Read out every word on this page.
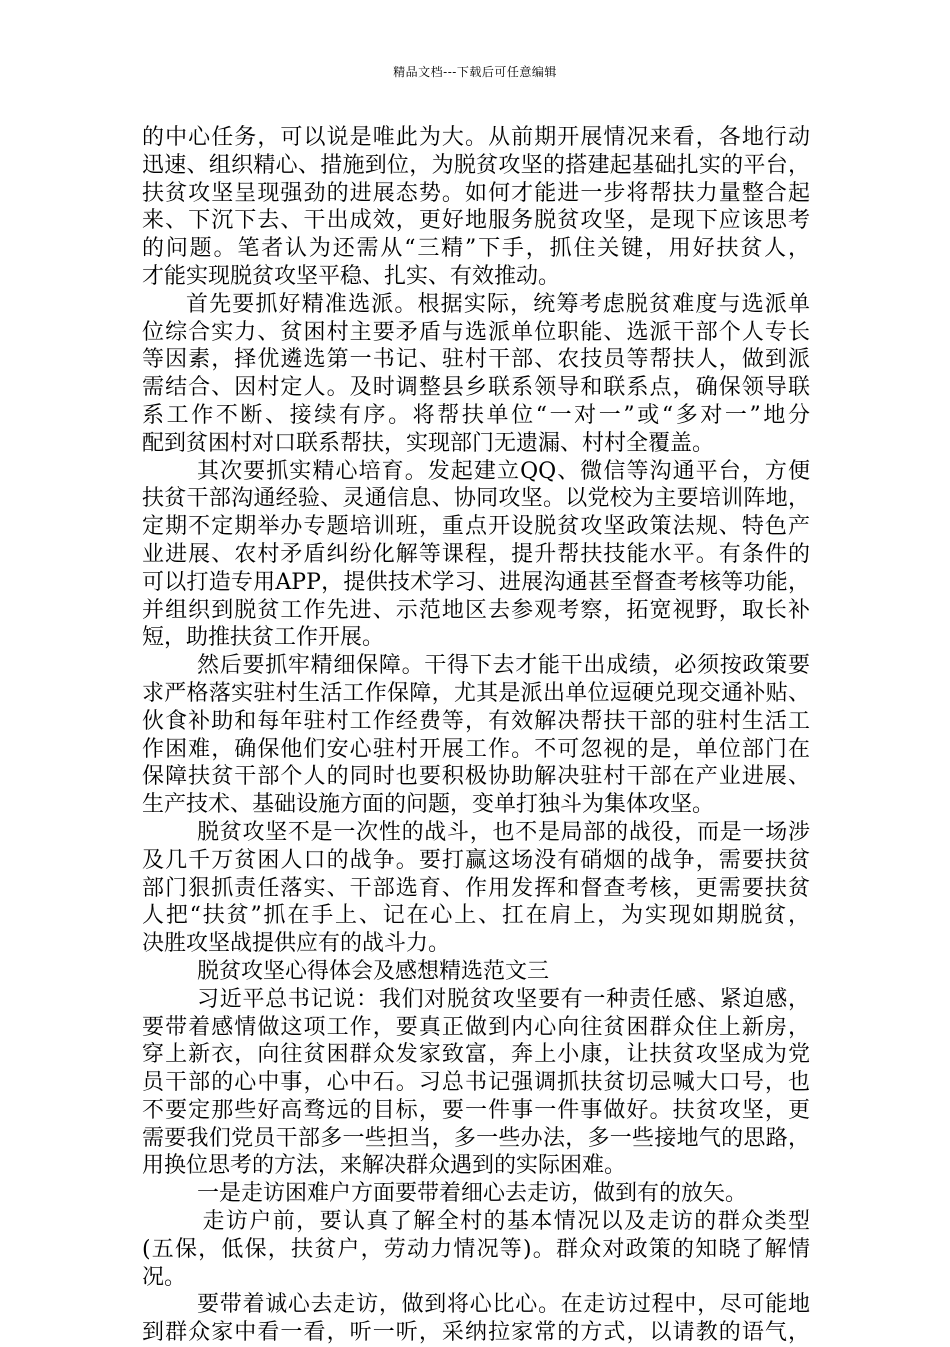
精品文档---下载后可任意编辑
的中心任务，可以说是唯此为大。从前期开展情况来看，各地行动
迅速、组织精心、措施到位，为脱贫攻坚的搭建起基础扎实的平台，
扶贫攻坚呈现强劲的进展态势。如何才能进一步将帮扶力量整合起
来、下沉下去、干出成效，更好地服务脱贫攻坚，是现下应该思考
的问题。笔者认为还需从“三精”下手，抓住关键，用好扶贫人，
才能实现脱贫攻坚平稳、扎实、有效推动。
首先要抓好精准选派。根据实际，统筹考虑脱贫难度与选派单
位综合实力、贫困村主要矛盾与选派单位职能、选派干部个人专长
等因素，择优遴选第一书记、驻村干部、农技员等帮扶人，做到派
需结合、因村定人。及时调整县乡联系领导和联系点，确保领导联
系工作不断、接续有序。将帮扶单位“一对一”或“多对一”地分
配到贫困村对口联系帮扶，实现部门无遗漏、村村全覆盖。
其次要抓实精心培育。发起建立QQ、微信等沟通平台，方便
扶贫干部沟通经验、灵通信息、协同攻坚。以党校为主要培训阵地，
定期不定期举办专题培训班，重点开设脱贫攻坚政策法规、特色产
业进展、农村矛盾纠纷化解等课程，提升帮扶技能水平。有条件的
可以打造专用APP，提供技术学习、进展沟通甚至督查考核等功能，
并组织到脱贫工作先进、示范地区去参观考察，拓宽视野，取长补
短，助推扶贫工作开展。
然后要抓牢精细保障。干得下去才能干出成绩，必须按政策要
求严格落实驻村生活工作保障，尤其是派出单位逗硬兑现交通补贴、
伙食补助和每年驻村工作经费等，有效解决帮扶干部的驻村生活工
作困难，确保他们安心驻村开展工作。不可忽视的是，单位部门在
保障扶贫干部个人的同时也要积极协助解决驻村干部在产业进展、
生产技术、基础设施方面的问题，变单打独斗为集体攻坚。
脱贫攻坚不是一次性的战斗，也不是局部的战役，而是一场涉
及几千万贫困人口的战争。要打赢这场没有硝烟的战争，需要扶贫
部门狠抓责任落实、干部选育、作用发挥和督查考核，更需要扶贫
人把“扶贫”抓在手上、记在心上、扛在肩上，为实现如期脱贫，
决胜攻坚战提供应有的战斗力。
脱贫攻坚心得体会及感想精选范文三
习近平总书记说：我们对脱贫攻坚要有一种责任感、紧迫感，
要带着感情做这项工作，要真正做到内心向往贫困群众住上新房，
穿上新衣，向往贫困群众发家致富，奔上小康，让扶贫攻坚成为党
员干部的心中事，心中石。习总书记强调抓扶贫切忌喊大口号，也
不要定那些好高骛远的目标，要一件事一件事做好。扶贫攻坚，更
需要我们党员干部多一些担当，多一些办法，多一些接地气的思路，
用换位思考的方法，来解决群众遇到的实际困难。
一是走访困难户方面要带着细心去走访，做到有的放矢。
走访户前，要认真了解全村的基本情况以及走访的群众类型
(五保，低保，扶贫户，劳动力情况等)。群众对政策的知晓了解情
况。
要带着诚心去走访，做到将心比心。在走访过程中，尽可能地
到群众家中看一看，听一听，采纳拉家常的方式，以请教的语气，
